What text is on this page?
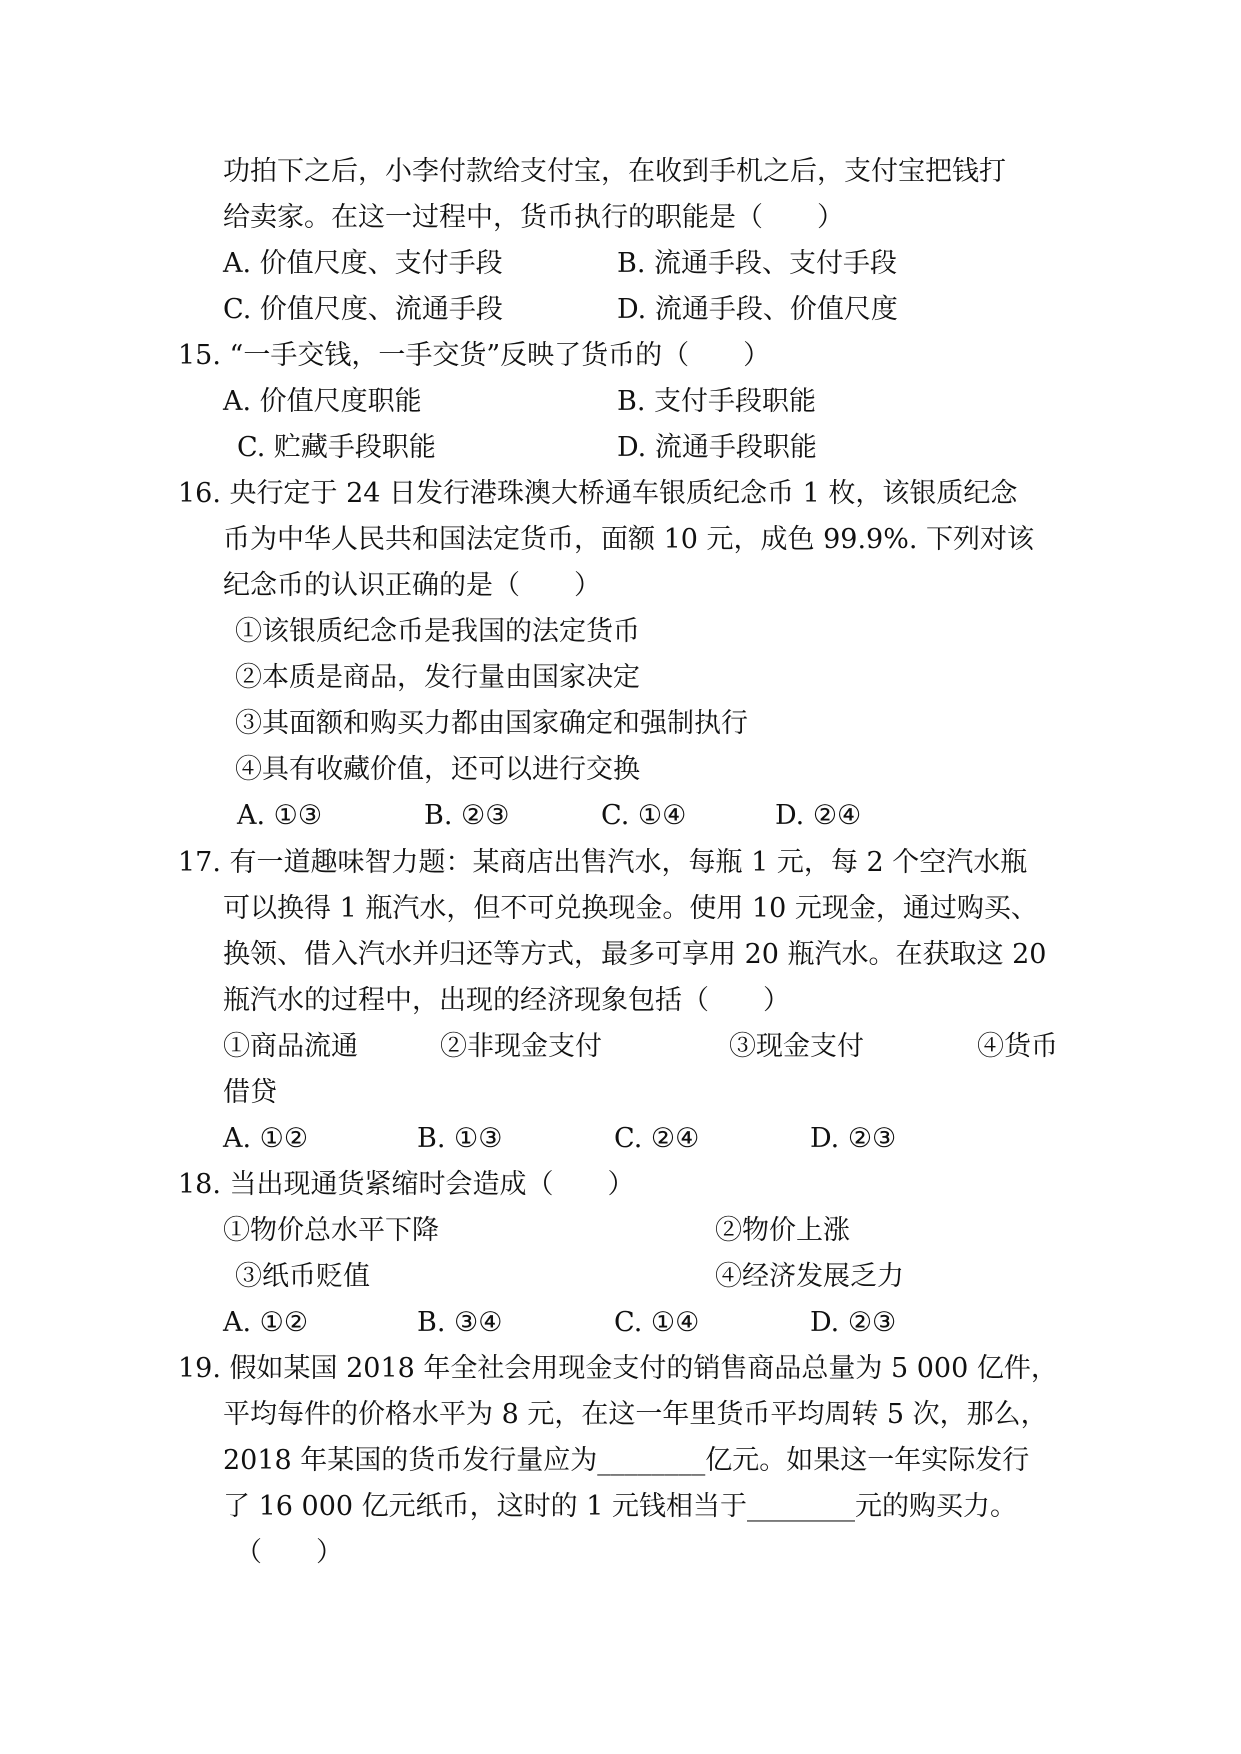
功拍下之后，小李付款给支付宝，在收到手机之后，支付宝把钱打
给卖家。在这一过程中，货币执行的职能是（　　）
A. 价值尺度、支付手段	B. 流通手段、支付手段
C. 价值尺度、流通手段	D. 流通手段、价值尺度
15. “一手交钱，一手交货”反映了货币的（　　）
A. 价值尺度职能	B. 支付手段职能
C. 贮藏手段职能	D. 流通手段职能
16. 央行定于 24 日发行港珠澳大桥通车银质纪念币 1 枚，该银质纪念
币为中华人民共和国法定货币，面额 10 元，成色 99.9%. 下列对该
纪念币的认识正确的是（　　）
①该银质纪念币是我国的法定货币
②本质是商品，发行量由国家决定
③其面额和购买力都由国家确定和强制执行
④具有收藏价值，还可以进行交换
A. ①③	B. ②③	C. ①④	D. ②④
17. 有一道趣味智力题：某商店出售汽水，每瓶 1 元，每 2 个空汽水瓶
可以换得 1 瓶汽水，但不可兑换现金。使用 10 元现金，通过购买、
换领、借入汽水并归还等方式，最多可享用 20 瓶汽水。在获取这 20
瓶汽水的过程中，出现的经济现象包括（　　）
①商品流通	②非现金支付	③现金支付	④货币
借贷
A. ①②	B. ①③	C. ②④	D. ②③
18. 当出现通货紧缩时会造成（　　）
①物价总水平下降	②物价上涨
③纸币贬值	④经济发展乏力
A. ①②	B. ③④	C. ①④	D. ②③
19. 假如某国 2018 年全社会用现金支付的销售商品总量为 5 000 亿件，
平均每件的价格水平为 8 元，在这一年里货币平均周转 5 次，那么，
2018 年某国的货币发行量应为________亿元。如果这一年实际发行
了 16 000 亿元纸币，这时的 1 元钱相当于________元的购买力。
（　　）
